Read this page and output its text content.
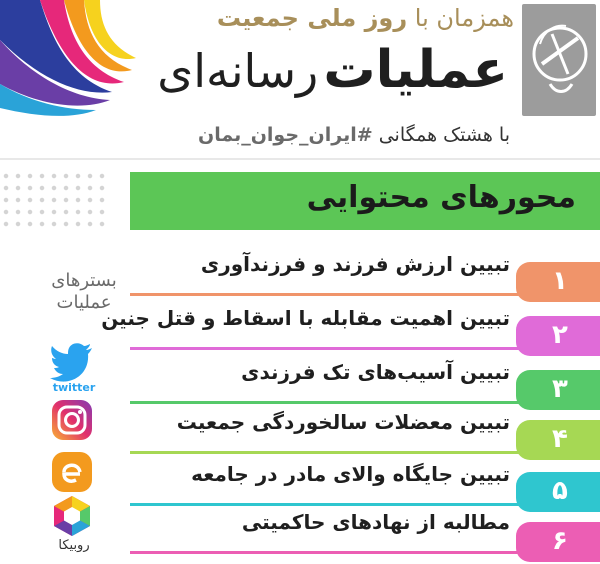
همزمان با روز ملی جمعیت
عملیات رسانه‌ای
با هشتک همگانی #ایران_جوان_بمان
محورهای محتوایی
تبیین ارزش فرزند و فرزندآوری
۱
تبیین اهمیت مقابله با اسقاط و قتل جنین
۲
تبیین آسیب‌های تک فرزندی
۳
تبیین معضلات سالخوردگی جمعیت
۴
تبیین جایگاه والای مادر در جامعه
۵
مطالبه از نهادهای حاکمیتی
۶
بسترهای عملیات
twitter
روبیکا
